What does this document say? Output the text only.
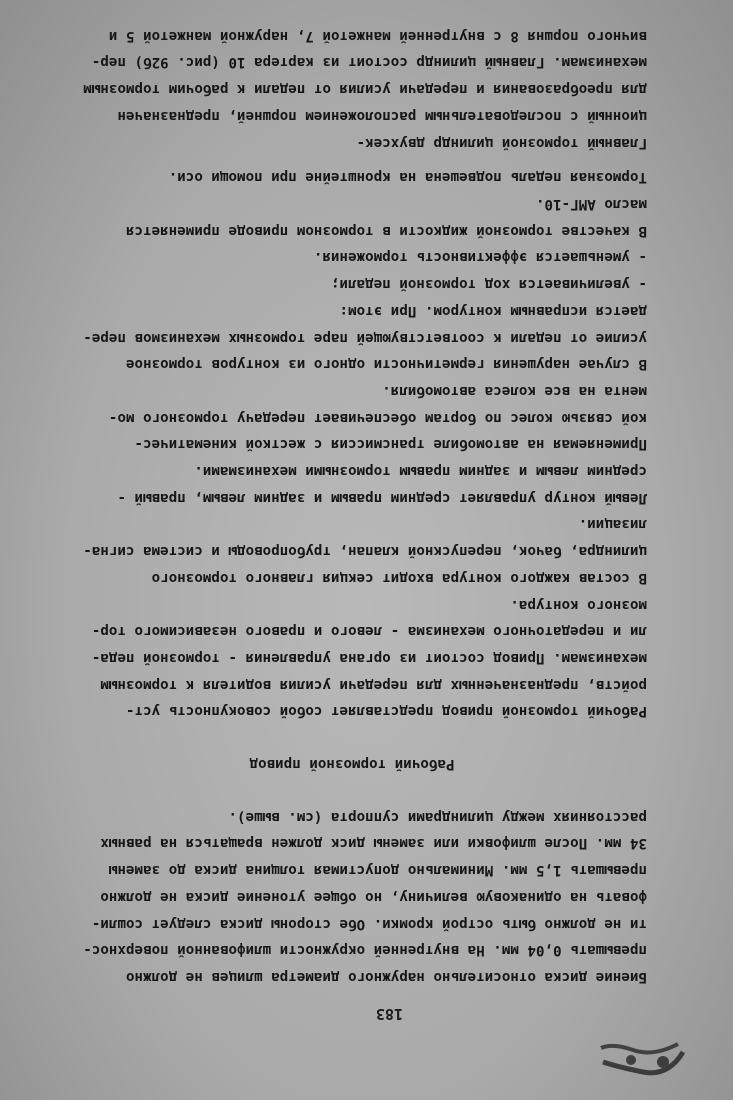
183

Биение диска относительно наружного диаметра шлицев не должно

превышать 0,04 мм. На внутренней окружности шлифованной поверхнос-

ти не должно быть острой кромки. Обе стороны диска следует сошли-

фовать на одинаковую величину, но общее утонение диска не должно

превышать 1,5 мм. Минимально допустимая толщина диска до замены

34 мм. После шлифовки или замены диск должен вращаться на равных

расстояниях между цилиндрами суппорта (см. выше).

Рабочий тормозной привод

Рабочий тормозной привод представляет собой совокупность уст-

ройств, предназначенных для передачи усилия водителя к тормозным

механизмам. Привод состоит из органа управления - тормозной педа-

ли и передаточного механизма - левого и правого независимого тор-

мозного контура.

В состав каждого контура входит секция главного тормозного

цилиндра, бачок, перепускной клапан, трубопроводы и система сигна-

лизации.

Левый контур управляет средним правым и задним левым, правый -

средним левым и задним правым тормозными механизмами.

Применяемая на автомобиле трансмиссия с жесткой кинематичес-

кой связью колес по бортам обеспечивает передачу тормозного мо-

мента на все колеса автомобиля.

В случае нарушения герметичности одного из контуров тормозное

усилие от педали к соответствующей паре тормозных механизмов пере-

дается исправным контуром. При этом:

- увеличивается ход тормозной педали;

- уменьшается эффективность торможения.

В качестве тормозной жидкости в тормозном приводе применяется

масло АМГ-10.

Тормозная педаль подвешена на кронштейне при помощи оси.

Главный тормозной цилиндр двухсек-

ционный с последовательным расположением поршней, предназначен

для преобразования и передачи усилия от педали к рабочим тормозным

механизмам. Главный цилиндр состоит из картера 10 (рис. 92б) пер-

вичного поршня 8 с внутренней манжетой 7, наружной манжетой 5 и
